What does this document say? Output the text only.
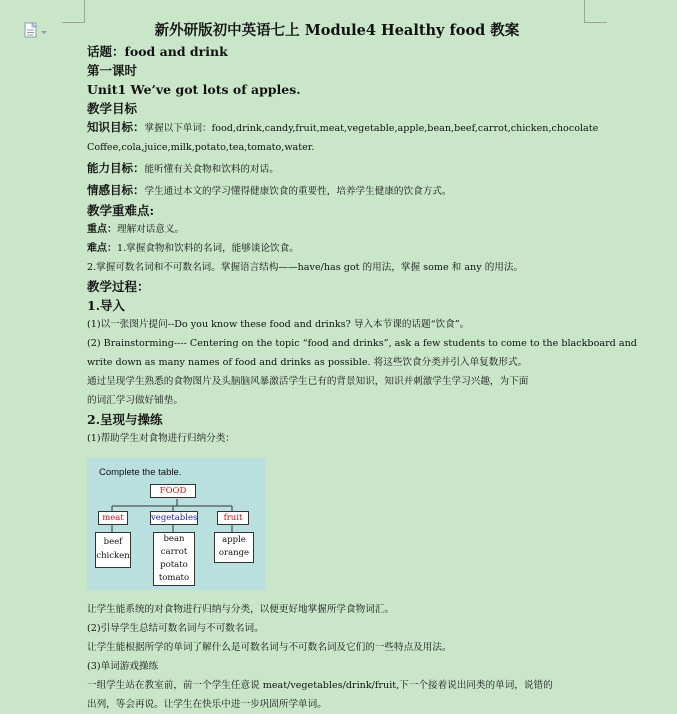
新外研版初中英语七上 Module4 Healthy food 教案
话题：food and drink
第一课时
Unit1 We’ve got lots of apples.
教学目标
知识目标：掌握以下单词：food,drink,candy,fruit,meat,vegetable,apple,bean,beef,carrot,chicken,chocolate
Coffee,cola,juice,milk,potato,tea,tomato,water.
能力目标：能听懂有关食物和饮料的对话。
情感目标：学生通过本文的学习懂得健康饮食的重要性，培养学生健康的饮食方式。
教学重难点:
重点：理解对话意义。
难点：1.掌握食物和饮料的名词，能够谈论饮食。
2.掌握可数名词和不可数名词。掌握语言结构——have/has got 的用法，掌握 some 和 any 的用法。
教学过程：
1.导入
(1)以一张图片提问--Do you know these food and drinks? 导入本节课的话题“饮食”。
(2) Brainstorming---- Centering on the topic “food and drinks”, ask a few students to come to the blackboard and
write down as many names of food and drinks as possible. 将这些饮食分类并引入单复数形式。
通过呈现学生熟悉的食物图片及头脑脑风暴激活学生已有的背景知识，知识并刺激学生学习兴趣，为下面
的词汇学习做好铺垫。
2.呈现与操练
(1)帮助学生对食物进行归纳分类：
Complete the table.
FOOD
meat	vegetables	fruit
beef
chicken
bean
carrot
potato
tomato
apple
orange
让学生能系统的对食物进行归纳与分类，以便更好地掌握所学食物词汇。
(2)引导学生总结可数名词与不可数名词。
让学生能根据所学的单词了解什么是可数名词与不可数名词及它们的一些特点及用法。
(3)单词游戏操练
一组学生站在教室前，前一个学生任意说 meat/vegetables/drink/fruit,下一个接着说出同类的单词，说错的
出列，等会再说。让学生在快乐中进一步巩固所学单词。
